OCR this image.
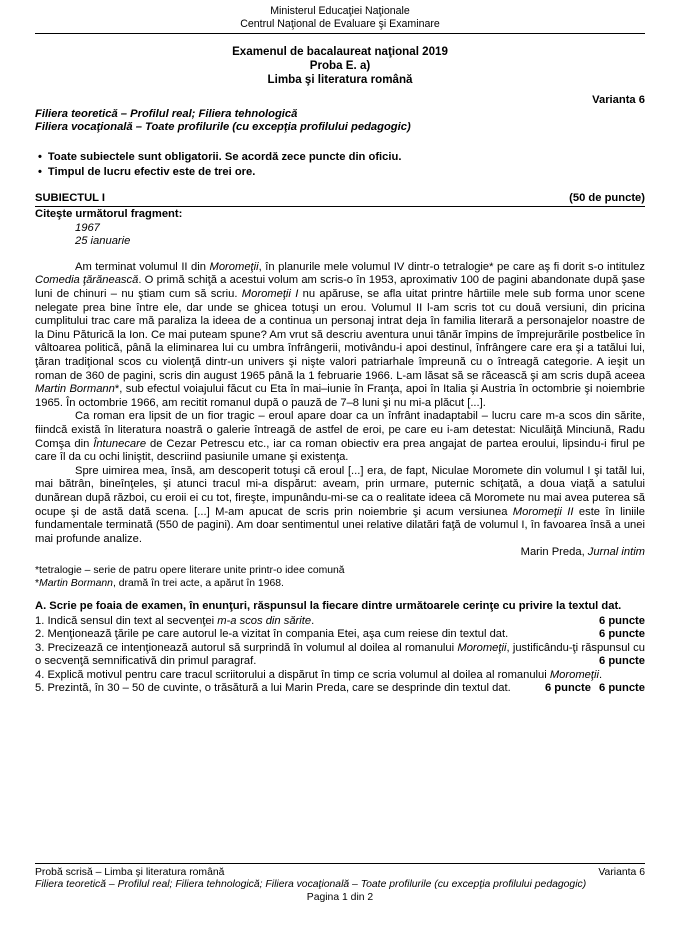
Ministerul Educaţiei Naţionale
Centrul Naţional de Evaluare şi Examinare
Examenul de bacalaureat naţional 2019
Proba E. a)
Limba şi literatura română
Varianta 6
Filiera teoretică – Profilul real; Filiera tehnologică
Filiera vocaţională – Toate profilurile (cu excepţia profilului pedagogic)
• Toate subiectele sunt obligatorii. Se acordă zece puncte din oficiu.
• Timpul de lucru efectiv este de trei ore.
SUBIECTUL I	(50 de puncte)
Citeşte următorul fragment:
1967
25 ianuarie

Am terminat volumul II din Moromeţii, în planurile mele volumul IV dintr-o tetralogie* pe care aş fi dorit s-o intitulez Comedia ţărănească. O primă schiţă a acestui volum am scris-o în 1953, aproximativ 100 de pagini abandonate după şase luni de chinuri – nu ştiam cum să scriu. Moromeţii I nu apăruse, se afla uitat printre hârtiile mele sub forma unor scene nelegate prea bine între ele, dar unde se ghicea totuşi un erou. Volumul II l-am scris tot cu două versiuni, din pricina cumplitului trac care mă paraliza la ideea de a continua un personaj intrat deja în familia literară a personajelor noastre de la Dinu Păturică la Ion. Ce mai puteam spune? Am vrut să descriu aventura unui tânăr împins de împrejurările postbelice în vâltoarea politică, până la eliminarea lui cu umbra înfrângerii, motivându-i apoi destinul, înfrângere care era şi a tatălui lui, ţăran tradiţional scos cu violenţă dintr-un univers şi nişte valori patriarhale împreună cu o întreagă categorie. A ieşit un roman de 360 de pagini, scris din august 1965 până la 1 februarie 1966. L-am lăsat să se răcească şi am scris după aceea Martin Bormann*, sub efectul voiajului făcut cu Eta în mai–iunie în Franţa, apoi în Italia şi Austria în octombrie şi noiembrie 1965. În octombrie 1966, am recitit romanul după o pauză de 7–8 luni şi nu mi-a plăcut [...].

Ca roman era lipsit de un fior tragic – eroul apare doar ca un înfrânt inadaptabil – lucru care m-a scos din sărite, fiindcă există în literatura noastră o galerie întreagă de astfel de eroi, pe care eu i-am detestat: Niculăiţă Minciună, Radu Comşa din Întunecare de Cezar Petrescu etc., iar ca roman obiectiv era prea angajat de partea eroului, lipsindu-i firul pe care îl da cu ochi liniştit, descriind pasiunile umane şi existenţa.

Spre uimirea mea, însă, am descoperit totuşi că eroul [...] era, de fapt, Niculae Moromete din volumul I şi tatăl lui, mai bătrân, bineînţeles, şi atunci tracul mi-a dispărut: aveam, prin urmare, puternic schiţată, a doua viaţă a satului dunărean după război, cu eroii ei cu tot, fireşte, impunându-mi-se ca o realitate ideea că Moromete nu mai avea puterea să ocupe şi de astă dată scena. [...] M-am apucat de scris prin noiembrie şi acum versiunea Moromeţii II este în liniile fundamentale terminată (550 de pagini). Am doar sentimentul unei relative dilatări faţă de volumul I, în favoarea însă a unei mai profunde analize.

Marin Preda, Jurnal intim
*tetralogie – serie de patru opere literare unite printr-o idee comună
*Martin Bormann, dramă în trei acte, a apărut în 1968.

A. Scrie pe foaia de examen, în enunţuri, răspunsul la fiecare dintre următoarele cerinţe cu privire la textul dat.

1. Indică sensul din text al secvenţei m-a scos din sărite.	6 puncte

2. Menţionează ţările pe care autorul le-a vizitat în compania Etei, aşa cum reiese din textul dat.	6 puncte

3. Precizează ce intenţionează autorul să surprindă în volumul al doilea al romanului Moromeţii, justificându-ţi răspunsul cu o secvenţă semnificativă din primul paragraf.	6 puncte

4. Explică motivul pentru care tracul scriitorului a dispărut în timp ce scria volumul al doilea al romanului Moromeţii.
6 puncte

5. Prezintă, în 30 – 50 de cuvinte, o trăsătură a lui Marin Preda, care se desprinde din textul dat.	6 puncte

Probă scrisă – Limba şi literatura română	Varianta 6
Filiera teoretică – Profilul real; Filiera tehnologică; Filiera vocaţională – Toate profilurile (cu excepţia profilului pedagogic)
Pagina 1 din 2
